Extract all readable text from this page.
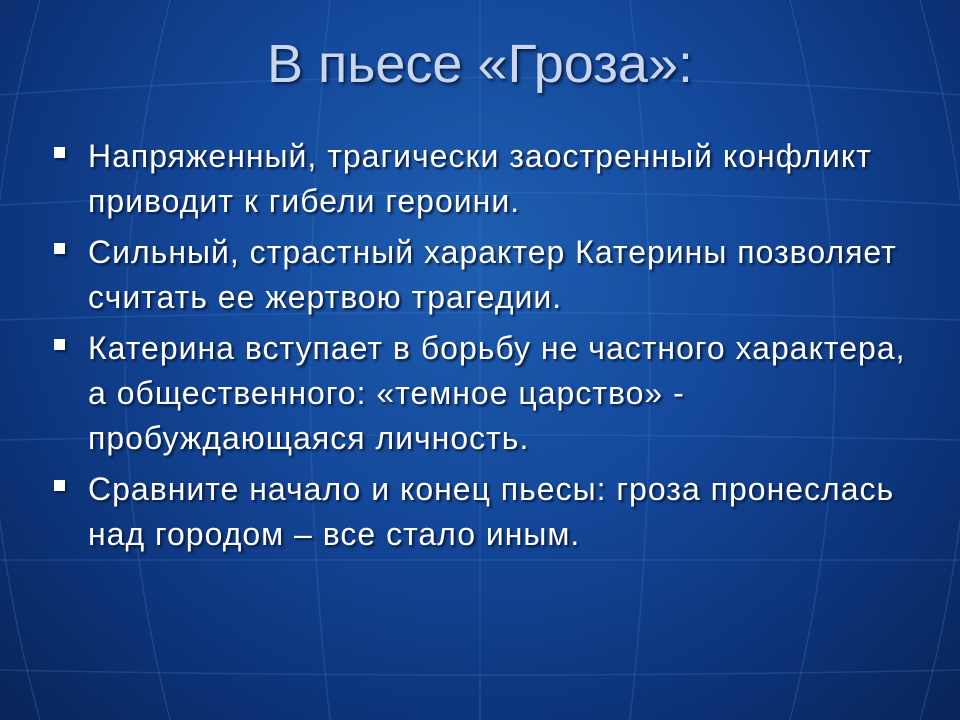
В пьесе «Гроза»:
Напряженный, трагически заостренный конфликт приводит к гибели героини.
Сильный, страстный характер Катерины позволяет считать ее жертвою трагедии.
Катерина вступает в борьбу не частного характера, а общественного: «темное царство» - пробуждающаяся личность.
Сравните начало и конец пьесы: гроза пронеслась над городом – все стало иным.
